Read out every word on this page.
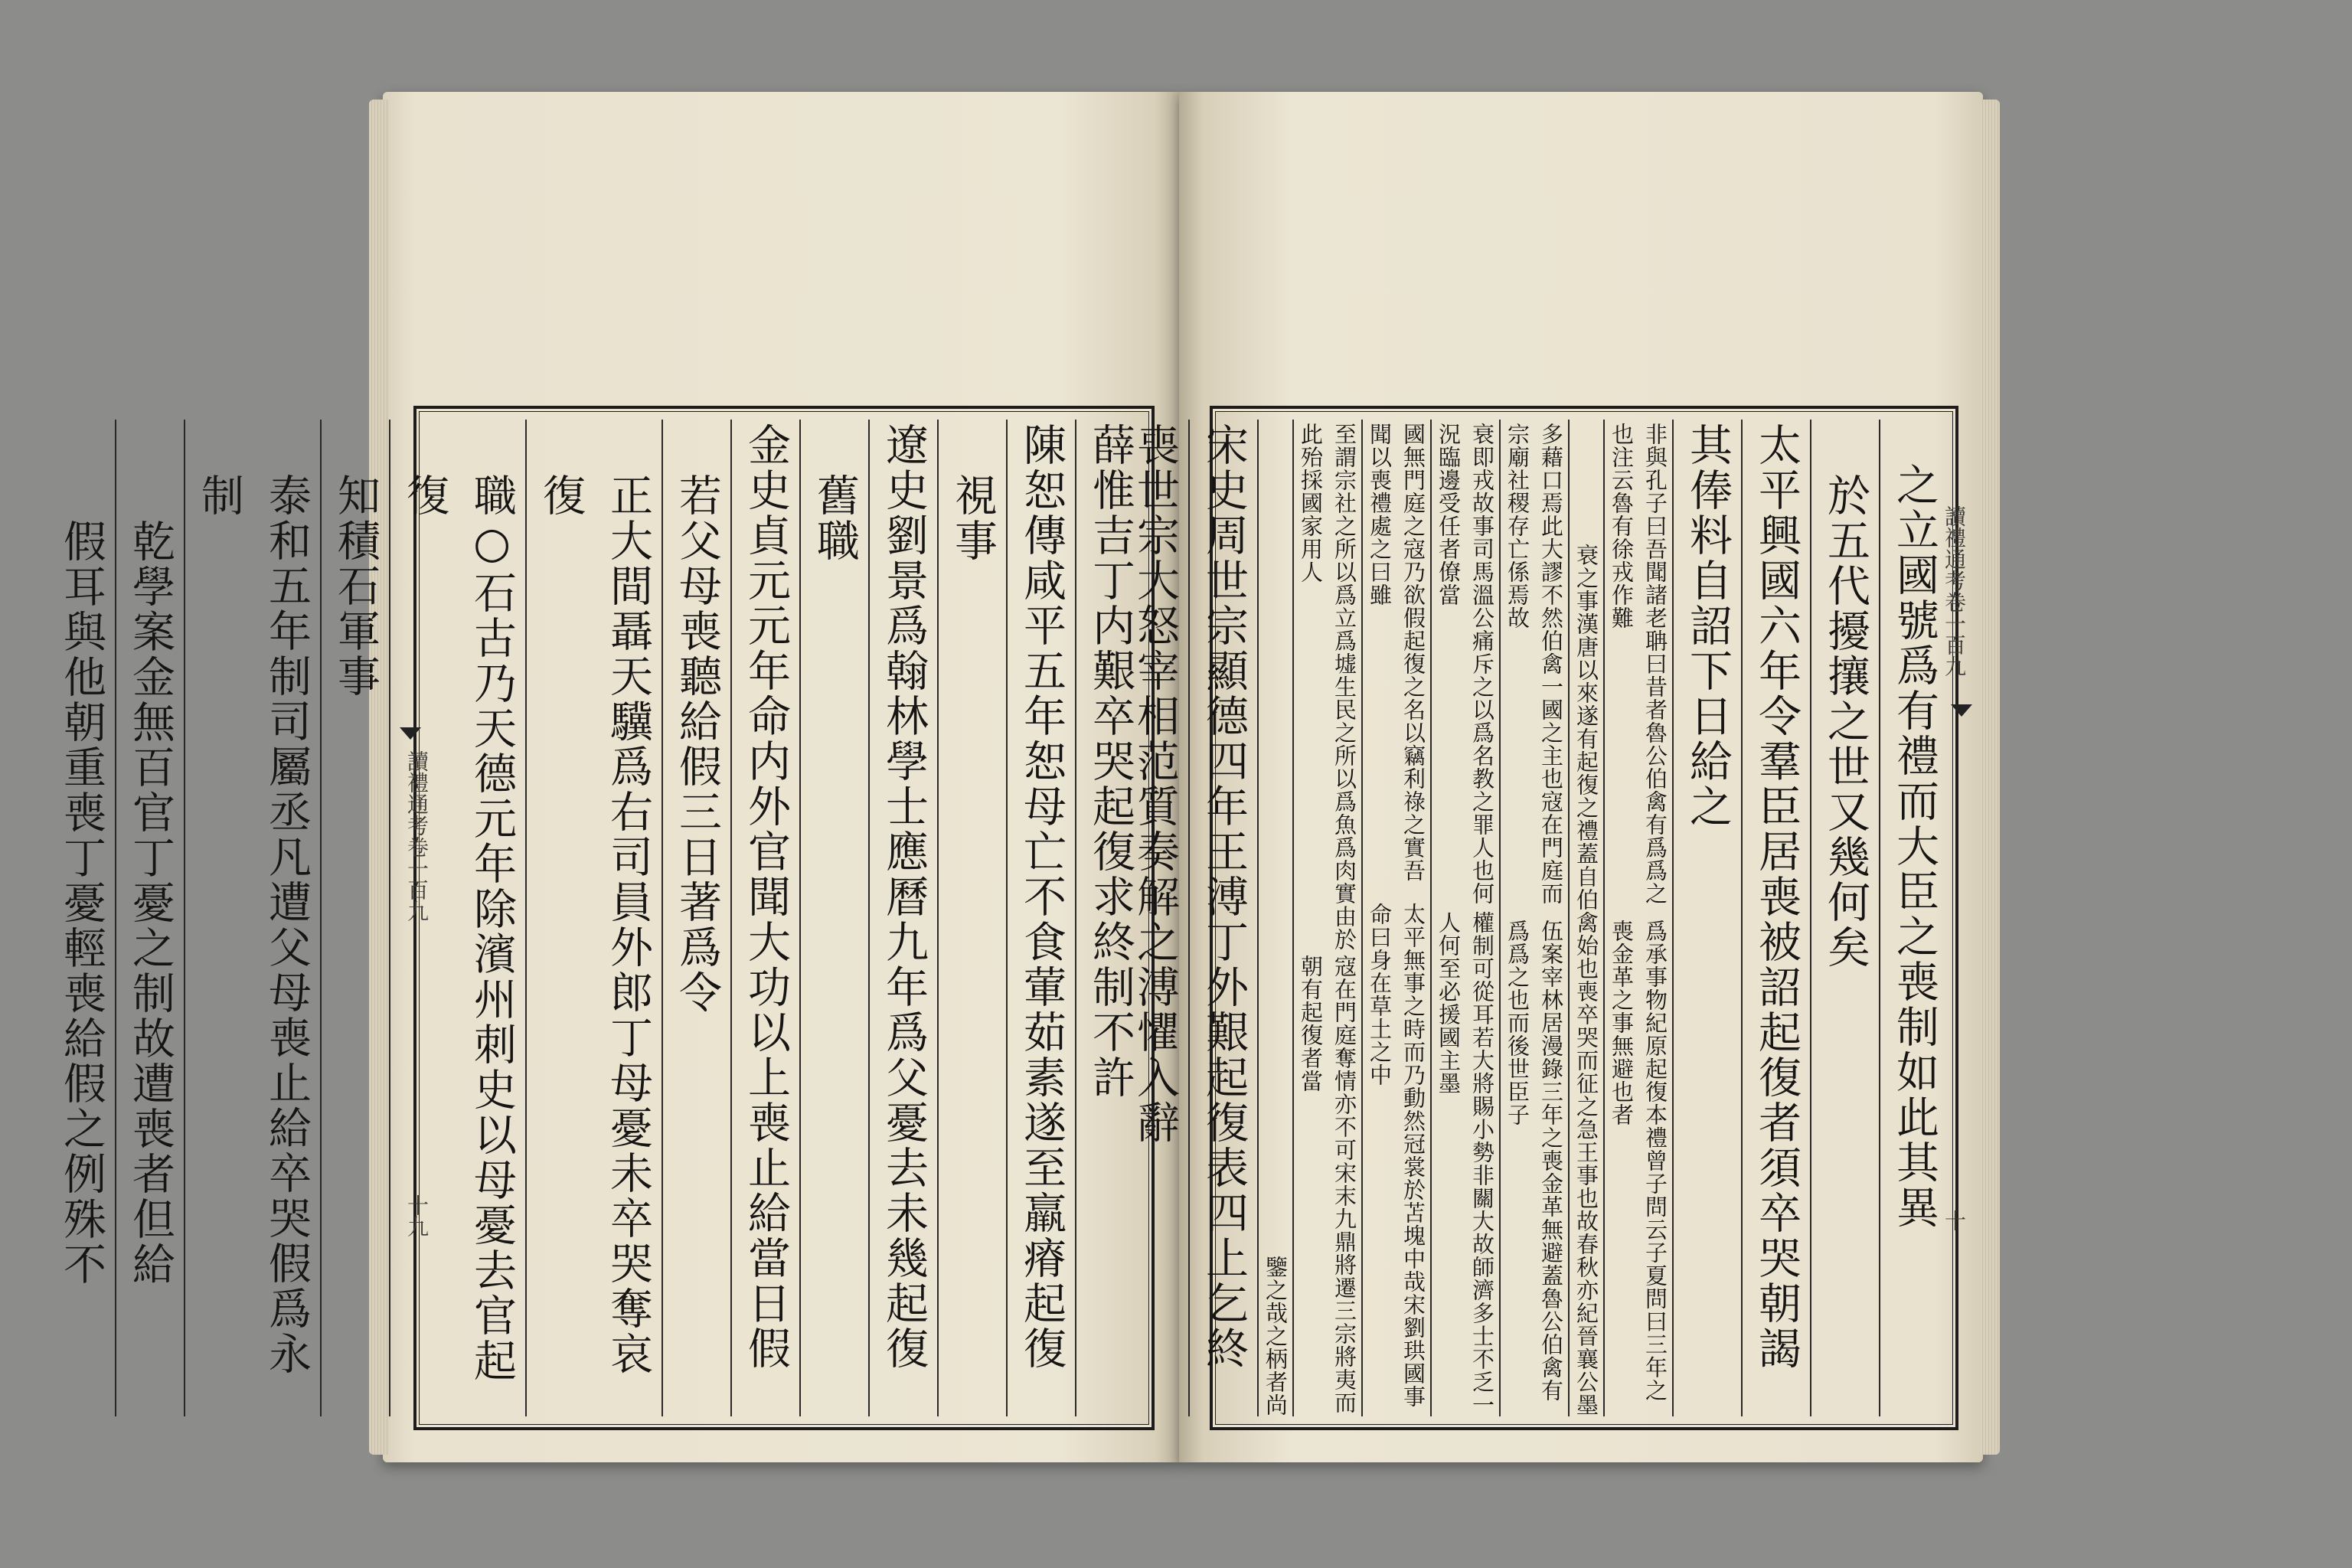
薛惟吉丁内艱卒哭起復求終制不許
陳恕傳咸平五年恕母亡不食葷茹素遂至羸瘠起復
視事
遼史劉景爲翰林學士應曆九年爲父憂去未幾起復
舊職
金史貞元元年命内外官聞大功以上喪止給當日假
若父母喪聽給假三日著爲令
正大間聶天驥爲右司員外郎丁母憂未卒哭奪哀復
職○石古乃天德元年除濱州刺史以母憂去官起復
知積石軍事
泰和五年制司屬丞凡遭父母喪止給卒哭假爲永制
乾學案金無百官丁憂之制故遭喪者但給
假耳與他朝重喪丁憂輕喪給假之例殊不	讀禮通考卷一百九
十九	之立國號爲有禮而大臣之喪制如此其異
於五代擾攘之世又幾何矣
太平興國六年令羣臣居喪被詔起復者須卒哭朝謁
其俸料自詔下日給之
爲承事物紀原起復本禮曾子問云子夏問曰三年之喪金革之事無避也者
非與孔子曰吾聞諸老聃曰昔者魯公伯禽有爲爲之也注云魯有徐戎作難
喪卒哭而征之急王事也故春秋亦紀晉襄公墨
衰之事漢唐以來遂有起復之禮蓋自伯禽始也
伍案宰林居漫錄三年之喪金革無避蓋魯公伯禽有爲爲之也而後世臣子
多藉口焉此大謬不然伯禽一國之主也寇在門庭而宗廟社稷存亡係焉故
權制可從耳若大將賜小勢非關大故師濟多士不乏一人何至必援國主墨
衰即戎故事司馬溫公痛斥之以爲名教之罪人也何況臨邊受任者僚當
太平無事之時而乃動然冠裳於苫塊中哉宋劉珙國事命曰身在草土之中
國無門庭之寇乃欲假起復之名以竊利祿之實吾聞以喪禮處之曰雖
寇在門庭奪情亦不可宋末九鼎將遷三宗將夷而朝有起復者當
至謂宗社之所以爲立爲墟生民之所以爲魚爲肉實由於此殆採國家用人
之柄者尚
鑒之哉
宋史周世宗顯德四年王溥丁外艱起復表四上乞終
喪世宗大怒宰相范質奏解之溥懼入辭	讀禮通考卷一百九
十
